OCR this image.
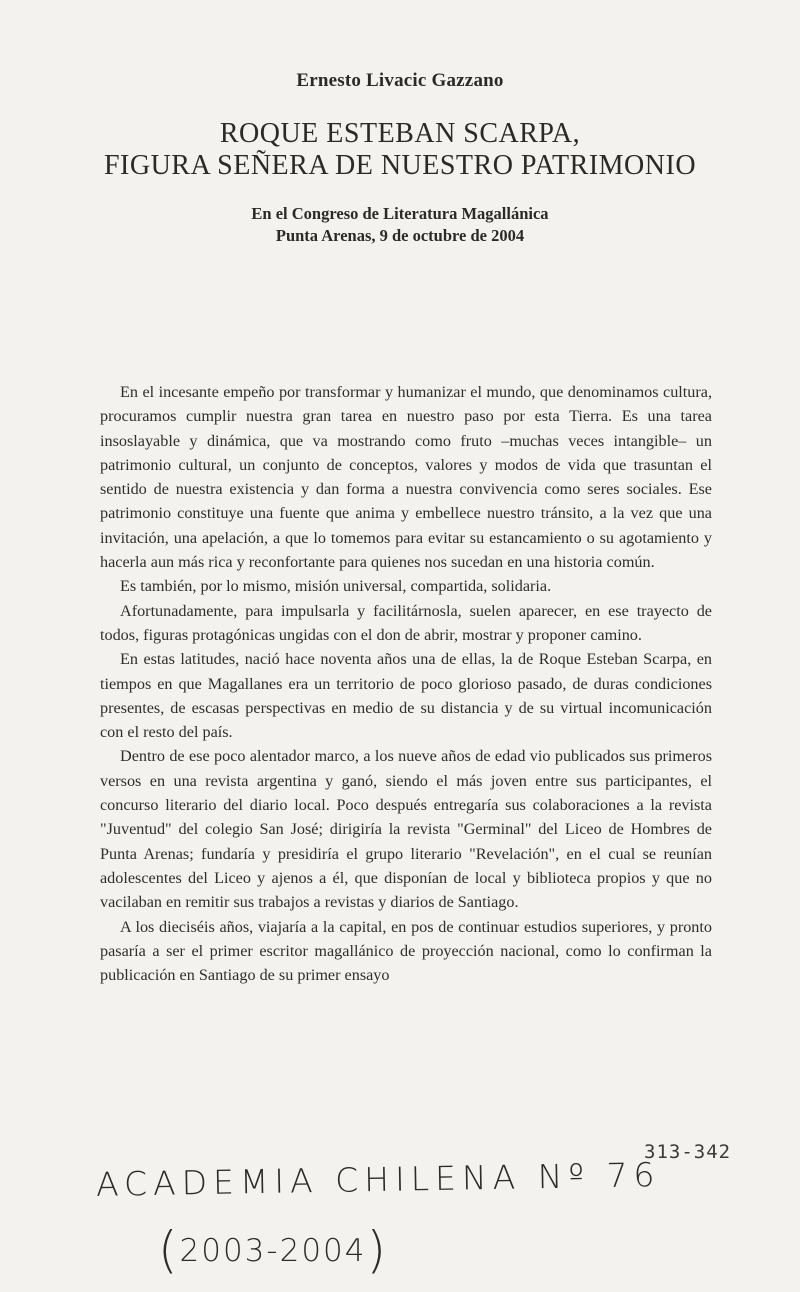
Ernesto Livacic Gazzano
ROQUE ESTEBAN SCARPA,
FIGURA SEÑERA DE NUESTRO PATRIMONIO
En el Congreso de Literatura Magallánica
Punta Arenas, 9 de octubre de 2004

En el incesante empeño por transformar y humanizar el mundo, que denominamos cultura, procuramos cumplir nuestra gran tarea en nuestro paso por esta Tierra. Es una tarea insoslayable y dinámica, que va mostrando como fruto –muchas veces intangible– un patrimonio cultural, un conjunto de conceptos, valores y modos de vida que trasuntan el sentido de nuestra existencia y dan forma a nuestra convivencia como seres sociales. Ese patrimonio constituye una fuente que anima y embellece nuestro tránsito, a la vez que una invitación, una apelación, a que lo tomemos para evitar su estancamiento o su agotamiento y hacerla aun más rica y reconfortante para quienes nos sucedan en una historia común.

Es también, por lo mismo, misión universal, compartida, solidaria.

Afortunadamente, para impulsarla y facilitárnosla, suelen aparecer, en ese trayecto de todos, figuras protagónicas ungidas con el don de abrir, mostrar y proponer camino.

En estas latitudes, nació hace noventa años una de ellas, la de Roque Esteban Scarpa, en tiempos en que Magallanes era un territorio de poco glorioso pasado, de duras condiciones presentes, de escasas perspectivas en medio de su distancia y de su virtual incomunicación con el resto del país.

Dentro de ese poco alentador marco, a los nueve años de edad vio publicados sus primeros versos en una revista argentina y ganó, siendo el más joven entre sus participantes, el concurso literario del diario local. Poco después entregaría sus colaboraciones a la revista "Juventud" del colegio San José; dirigiría la revista "Germinal" del Liceo de Hombres de Punta Arenas; fundaría y presidiría el grupo literario "Revelación", en el cual se reunían adolescentes del Liceo y ajenos a él, que disponían de local y biblioteca propios y que no vacilaban en remitir sus trabajos a revistas y diarios de Santiago.

A los dieciséis años, viajaría a la capital, en pos de continuar estudios superiores, y pronto pasaría a ser el primer escritor magallánico de proyección nacional, como lo confirman la publicación en Santiago de su primer ensayo

313-342
ACADEMIA CHILENA Nº 76
(2003-2004)
